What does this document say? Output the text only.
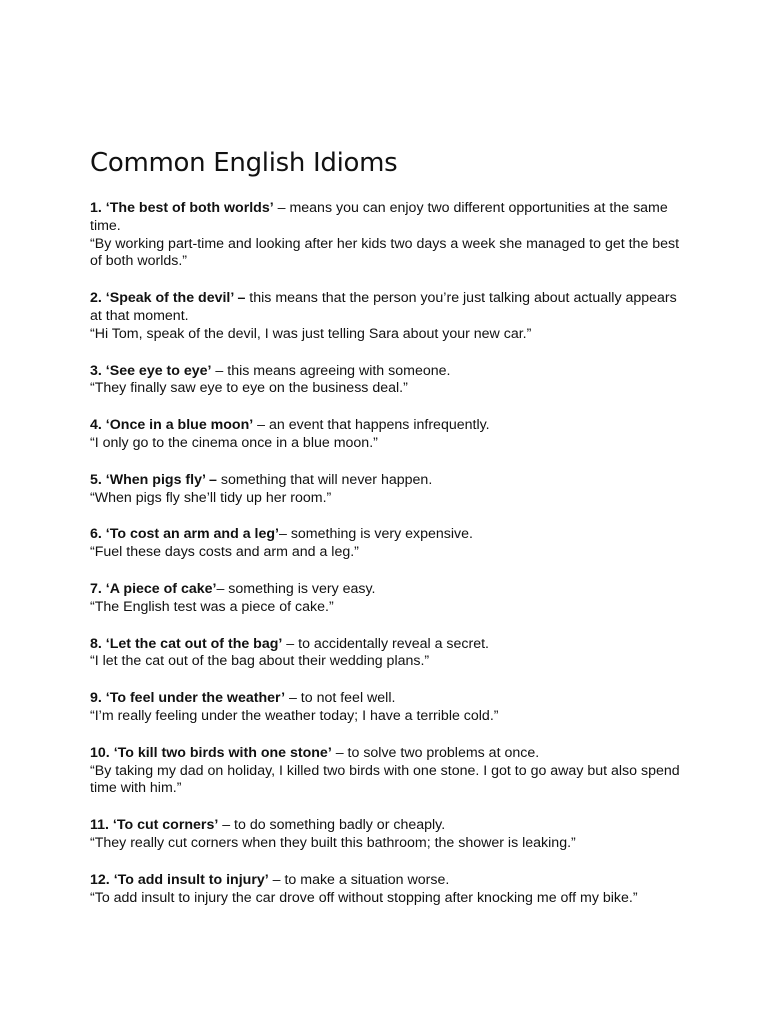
Common English Idioms

1. ‘The best of both worlds’ – means you can enjoy two different opportunities at the same time.

“By working part-time and looking after her kids two days a week she managed to get the best of both worlds.”

2. ‘Speak of the devil’ – this means that the person you’re just talking about actually appears at that moment.

“Hi Tom, speak of the devil, I was just telling Sara about your new car.”

3. ‘See eye to eye’ – this means agreeing with someone.

“They finally saw eye to eye on the business deal.”

4. ‘Once in a blue moon’ – an event that happens infrequently.

“I only go to the cinema once in a blue moon.”

5. ‘When pigs fly’ – something that will never happen.

“When pigs fly she’ll tidy up her room.”

6. ‘To cost an arm and a leg’– something is very expensive.

“Fuel these days costs and arm and a leg.”

7. ‘A piece of cake’– something is very easy.

“The English test was a piece of cake.”

8. ‘Let the cat out of the bag’ – to accidentally reveal a secret.

“I let the cat out of the bag about their wedding plans.”

9. ‘To feel under the weather’ – to not feel well.

“I’m really feeling under the weather today; I have a terrible cold.”

10. ‘To kill two birds with one stone’ – to solve two problems at once.

“By taking my dad on holiday, I killed two birds with one stone. I got to go away but also spend time with him.”

11. ‘To cut corners’ – to do something badly or cheaply.

“They really cut corners when they built this bathroom; the shower is leaking.”

12. ‘To add insult to injury’ – to make a situation worse.

“To add insult to injury the car drove off without stopping after knocking me off my bike.”
